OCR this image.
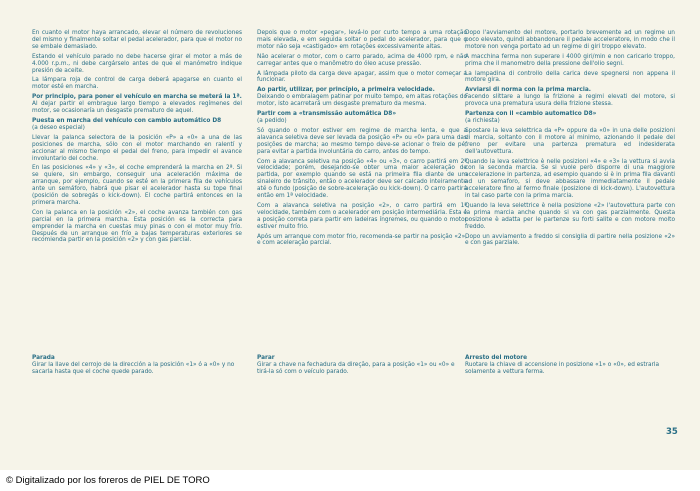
En cuanto el motor haya arrancado, elevar el número de revoluciones del mismo y finalmente soltar el pedal acelerador, para que el motor no se embale demasiado.

Estando el vehículo parado no debe hacerse girar el motor a más de 4.000 r.p.m., ni debe cargárselo antes de que el manómetro indique presión de aceite.

La lámpara roja de control de carga deberá apagarse en cuanto el motor esté en marcha.

Por principio, para poner el vehículo en marcha se meterá la 1ª.

Al dejar partir el embrague largo tiempo a elevados regímenes del motor, se ocasionaría un desgaste prematuro de aquel.

Puesta en marcha del vehículo con cambio automático D8

(a deseo especial)

Llevar la palanca selectora de la posición «P» a «0» a una de las posiciones de marcha, sólo con el motor marchando en ralentí y accionar al mismo tiempo el pedal del freno, para impedir el avance involuntario del coche.

En las posiciones «4» y «3», el coche emprenderá la marcha en 2ª. Si se quiere, sin embargo, conseguir una aceleración máxima de arranque, por ejemplo, cuando se esté en la primera fila de vehículos ante un semáforo, habrá que pisar el acelerador hasta su tope final (posición de sobregás o kick-down). El coche partirá entonces en la primera marcha.

Con la palanca en la posición «2», el coche avanza también con gas parcial en la primera marcha. Esta posición es la correcta para emprender la marcha en cuestas muy pinas o con el motor muy frío. Después de un arranque en frío a bajas temperaturas exteriores se recomienda partir en la posición «2» y con gas parcial.

Depois que o motor «pegar», levá-lo por curto tempo a uma rotação mais elevada, e em seguida soltar o pedal do acelerador, para que o motor não seja «castigado» em rotações excessivamente altas.

Não acelerar o motor, com o carro parado, acima de 4000 rpm, e não carregar antes que o manômetro do óleo acuse pressão.

A lâmpada piloto da carga deve apagar, assim que o motor começar a funcionar.

Ao partir, utilizar, por princípio, a primeira velocidade.

Deixando o embraiagem patinar por muito tempo, em altas rotações do motor, isto acarretará um desgaste prematuro da mesma.

Partir com a «transmissão automática D8»

(a pedido)

Só quando o motor estiver em regime de marcha lenta, e que a alavanca seletiva deve ser levada da posição «P» ou «0» para uma das posições de marcha; ao mesmo tempo deve-se acionar o freio de pé, para evitar a partida involuntária do carro, antes do tempo.

Com a alavanca seletiva na posição «4» ou «3», o carro partirá em 2ª velocidade; porém, desejando-se obter uma maior aceleração de partida, por exemplo quando se está na primeira fila diante de um sinaleiro de trânsito, então o acelerador deve ser calcado inteiramente até o fundo (posição de sobre-aceleração ou kick-down). O carro partirá então em 1ª velocidade.

Com a alavanca seletiva na posição «2», o carro partirá em 1ª velocidade, também com o acelerador em posição intermediária. Esta é a posição correta para partir em ladeiras íngremes, ou quando o motor estiver muito frio.

Após um arranque com motor frio, recomenda-se partir na posição «2», e com aceleração parcial.

Dopo l'avviamento del motore, portarlo brevemente ad un regime un poco elevato, quindi abbandonare il pedale acceleratore, in modo che il motore non venga portato ad un regime di giri troppo elevato.

A macchina ferma non superare i 4000 giri/min e non caricarlo troppo, prima che il manometro della pressione dell'olio segni.

La lampadina di controllo della carica deve spegnersi non appena il motore gira.

Avviarsi di norma con la prima marcia.

Facendo slittare a lungo la frizione a regimi elevati del motore, si provoca una prematura usura della frizione stessa.

Partenza con il «cambio automatico D8»

(a richiesta)

Spostare la leva selettrica da «P» oppure da «0» in una delle posizioni di marcia, soltanto con il motore al minimo, azionando il pedale del freno per evitare una partenza prematura ed indesiderata dell'autovettura.

Quando la leva selettrice è nelle posizioni «4» e «3» la vettura si avvia con la seconda marcia. Se si vuole però disporre di una maggiore accelerazione in partenza, ad esempio quando si è in prima fila davanti ad un semaforo, si deve abbassare immediatamente il pedale acceleratore fino al fermo finale (posizione di kick-down). L'autovettura in tal caso parte con la prima marcia.

Quando la leva selettrice è nella posizione «2» l'autovettura parte con la prima marcia anche quando si va con gas parzialmente. Questa posizione è adatta per le partenze su forti salite e con motore molto freddo.

Dopo un avviamento a freddo si consiglia di partire nella posizione «2» e con gas parziale.

Parada
Girar la llave del cerrojo de la dirección a la posición «1» ó a «0» y no sacarla hasta que el coche quede parado.
Parar
Girar a chave na fechadura da direção, para a posição «1» ou «0» e tirá-la só com o veículo parado.
Arresto del motore
Ruotare la chiave di accensione in posizione «1» o «0», ed estrarla solamente a vettura ferma.
35
© Digitalizado por los foreros de PIEL DE TORO
